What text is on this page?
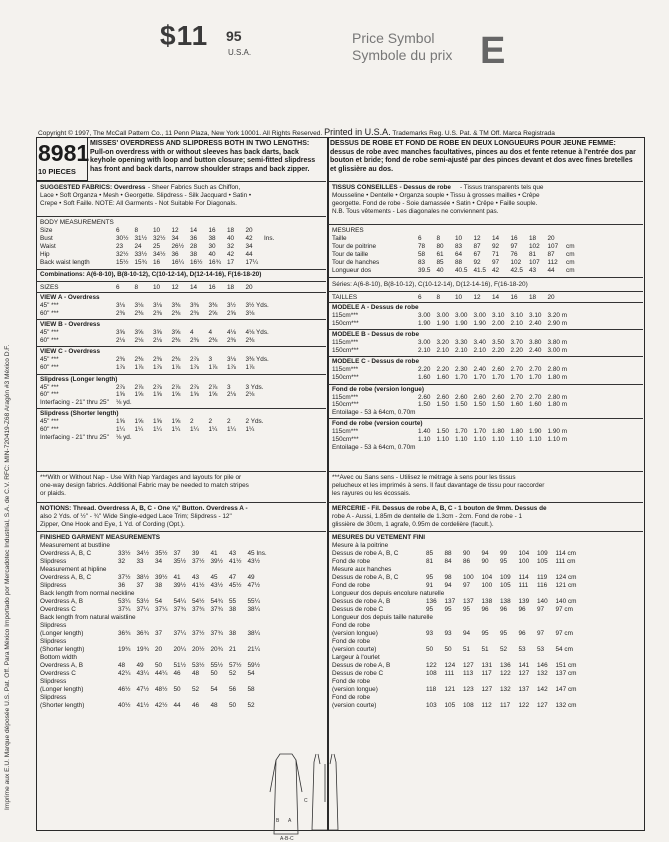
$11 95
U.S.A.
Price Symbol
Symbole du prix E
Copyright © 1997, The McCall Pattern Co., 11 Penn Plaza, New York 10001. All Rights Reserved. Printed in U.S.A. Trademarks Reg. U.S. Pat. & TM Off. Marca Registrada
Imprime aux E.U. Marque déposée U.S. Pat. Off. Para México Importado por Mercadotec Industrial, S.A. de C.V. RFC: MIN-720419-Z68 Aragón #3 México D.F.
8981
10 PIECES
MISSES' OVERDRESS AND SLIPDRESS BOTH IN TWO LENGTHS: Pull-on overdress with or without sleeves has back darts, back keyhole opening with loop and button closure; semi-fitted slipdress has front and back darts, narrow shoulder straps and back zipper.
DESSUS DE ROBE ET FOND DE ROBE EN DEUX LONGUEURS POUR JEUNE FEMME: dessus de robe avec manches facultatives, pinces au dos et fente retenue à l'entrée dos par bouton et bride; fond de robe semi-ajusté par des pinces devant et dos avec fines bretelles et glissière au dos.
SUGGESTED FABRICS: Overdress - Sheer Fabrics Such as Chiffon,
Lace • Soft Organza • Mesh • Georgette. Slipdress - Silk Jacquard • Satin •
Crepe • Soft Faille. NOTE: All Garments - Not Suitable For Diagonals.
TISSUS CONSEILLES - Dessus de robe - Tissus transparents tels que
Mousseline • Dentelle • Organza souple • Tissu à grosses mailles • Crêpe
georgette. Fond de robe - Soie damassée • Satin • Crêpe • Faille souple.
N.B. Tous vêtements - Les diagonales ne conviennent pas.
BODY MEASUREMENTS
Size	6 8 10 12 14 16 18 20
Bust	30½ 31½ 32½ 34 36 38 40 42 Ins.
Waist	23 24 25 26½ 28 30 32 34
Hip	32½ 33½ 34½ 36 38 40 42 44
Back waist length	15½ 15¾ 16 16¼ 16½ 16¾ 17 17¼
MESURES
Taille	6 8 10 12 14 16 18 20
Tour de poitrine	78 80 83 87 92 97 102 107 cm
Tour de taille	58 61 64 67 71 76 81 87 cm
Tour de hanches	83 85 88 92 97 102 107 112 cm
Longueur dos	39.5 40 40.5 41.5 42 42.5 43 44 cm
Combinations: A(6-8-10), B(8-10-12), C(10-12-14), D(12-14-16), F(16-18-20)
Séries: A(6-8-10), B(8-10-12), C(10-12-14), D(12-14-16), F(16-18-20)
SIZES	6 8 10 12 14 16 18 20
TAILLES	6 8 10 12 14 16 18 20
VIEW A - Overdress
45" ***	3⅛ 3⅛ 3⅛ 3⅜ 3⅜ 3⅜ 3½ 3½ Yds.
60" ***	2⅜ 2⅜ 2⅜ 2⅜ 2⅜ 2⅝ 2⅝ 3⅛
VIEW B - Overdress
45" ***	3⅝ 3⅝ 3⅝ 3⅝ 4 4 4⅛ 4⅛ Yds.
60" ***	2⅛ 2⅛ 2⅛ 2⅜ 2⅜ 2⅜ 2⅜ 2⅜
VIEW C - Overdress
45" ***	2⅜ 2⅜ 2⅜ 2⅜ 2⅞ 3 3⅛ 3⅜ Yds.
60" ***	1⅞ 1⅞ 1⅞ 1⅞ 1⅞ 1⅞ 1⅞ 1⅞
Slipdress (Longer length)
45" ***	2⅞ 2⅞ 2⅞ 2⅞ 2⅞ 2⅞ 3 3 Yds.
60" ***	1⅝ 1⅝ 1⅝ 1⅝ 1⅝ 1⅝ 2⅛ 2⅛
Interfacing - 21" thru 25" ⅛ yd.
Slipdress (Shorter length)
45" ***	1⅝ 1⅝ 1⅝ 1⅝ 2 2 2 2 Yds.
60" ***	1¼ 1¼ 1¼ 1¼ 1¼ 1¼ 1¼ 1¼
Interfacing - 21" thru 25" ⅛ yd.
MODELE A - Dessus de robe
115cm***	3.00 3.00 3.00 3.00 3.10 3.10 3.10 3.20 m
150cm***	1.90 1.90 1.90 1.90 2.00 2.10 2.40 2.90 m
MODELE B - Dessus de robe
115cm***	3.00 3.20 3.30 3.40 3.50 3.70 3.80 3.80 m
150cm***	2.10 2.10 2.10 2.10 2.20 2.20 2.40 3.00 m
MODELE C - Dessus de robe
115cm***	2.20 2.20 2.30 2.40 2.60 2.70 2.70 2.80 m
150cm***	1.60 1.60 1.70 1.70 1.70 1.70 1.70 1.80 m
Fond de robe (version longue)
115cm***	2.60 2.60 2.60 2.60 2.60 2.70 2.70 2.80 m
150cm***	1.50 1.50 1.50 1.50 1.50 1.60 1.60 1.80 m
Entoilage - 53 à 64cm, 0.70m
Fond de robe (version courte)
115cm***	1.40 1.50 1.70 1.70 1.80 1.80 1.90 1.90 m
150cm***	1.10 1.10 1.10 1.10 1.10 1.10 1.10 1.10 m
Entoilage - 53 à 64cm, 0.70m
***With or Without Nap - Use With Nap Yardages and layouts for pile or
one-way design fabrics. Additional Fabric may be needed to match stripes
or plaids.
***Avec ou Sans sens - Utilisez le métrage à sens pour les tissus
pelucheux et les imprimés à sens. Il faut davantage de tissu pour raccorder
les rayures ou les écossais.
NOTIONS: Thread. Overdress A, B, C - One ⅝" Button. Overdress A -
also 2 Yds. of ½" - ¾" Wide Single-edged Lace Trim; Slipdress - 12"
Zipper, One Hook and Eye, 1 Yd. of Cording (Opt.).
MERCERIE - Fil. Dessus de robe A, B, C - 1 bouton de 9mm. Dessus de
robe A - Aussi, 1.85m de dentelle de 1.3cm - 2cm. Fond de robe - 1
glissière de 30cm, 1 agrafe, 0.95m de cordelière (facult.).
FINISHED GARMENT MEASUREMENTS
Measurement at bustline
Overdress A, B, C	33½ 34½ 35½ 37 39 41 43 45 Ins.
Slipdress	32 33 34 35½ 37½ 39½ 41½ 43½
Measurement at hipline
Overdress A, B, C	37½ 38½ 39½ 41 43 45 47 49
Slipdress	36 37 38 39½ 41½ 43½ 45½ 47½
Back length from normal neckline
Overdress A, B	53¼ 53½ 54 54¼ 54½ 54¾ 55 55¼
Overdress C	37¼ 37¼ 37¼ 37¾ 37¾ 37¾ 38 38¼
Back length from natural waistline
Slipdress
(Longer length)	36¾ 36¾ 37 37¼ 37½ 37¾ 38 38¼
Slipdress
(Shorter length)	19¾ 19¾ 20 20¼ 20½ 20¾ 21 21¼
Bottom width
Overdress A, B	48 49 50 51½ 53½ 55½ 57½ 59½
Overdress C	42¼ 43¼ 44¼ 46 48 50 52 54
Slipdress
(Longer length)	46½ 47½ 48½ 50 52 54 56 58
Slipdress
(Shorter length)	40½ 41½ 42½ 44 46 48 50 52
MESURES DU VETEMENT FINI
Mesure à la poitrine
Dessus de robe A, B, C	85 88 90 94 99 104 109 114 cm
Fond de robe	81 84 86 90 95 100 105 111 cm
Mesure aux hanches
Dessus de robe A, B, C	95 98 100 104 109 114 119 124 cm
Fond de robe	91 94 97 100 105 111 116 121 cm
Longueur dos depuis encolure naturelle
Dessus de robe A, B	136 137 137 138 138 139 140 140 cm
Dessus de robe C	95 95 95 96 96 96 97 97 cm
Longueur dos depuis taille naturelle
Fond de robe
(version longue)	93 93 94 95 95 96 97 97 cm
Fond de robe
(version courte)	50 50 51 51 52 53 53 54 cm
Largeur à l'ourlet
Dessus de robe A, B	122 124 127 131 136 141 146 151 cm
Dessus de robe C	108 111 113 117 122 127 132 137 cm
Fond de robe
(version longue)	118 121 123 127 132 137 142 147 cm
Fond de robe
(version courte)	103 105 108 112 117 122 127 132 cm
C
B A
A-B-C
